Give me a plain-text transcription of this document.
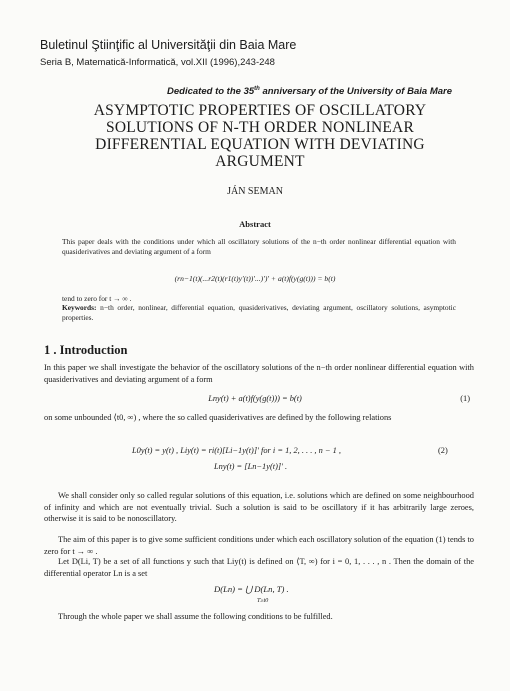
Buletinul Ştiinţific al Universităţii din Baia Mare
Seria B, Matematică-Informatică, vol.XII (1996),243-248
Dedicated to the 35th anniversary of the University of Baia Mare
ASYMPTOTIC PROPERTIES OF OSCILLATORY SOLUTIONS OF N-TH ORDER NONLINEAR DIFFERENTIAL EQUATION WITH DEVIATING ARGUMENT
JÁN SEMAN
Abstract
This paper deals with the conditions under which all oscillatory solutions of the n−th order nonlinear differential equation with quasiderivatives and deviating argument of a form
(rn−1(t)(...r2(t)(r1(t)y′(t))′...)′)′ + a(t)f(y(g(t))) = b(t)
tend to zero for t → ∞ .
Keywords: n−th order, nonlinear, differential equation, quasiderivatives, deviating argument, oscillatory solutions, asymptotic properties.
1 . Introduction
In this paper we shall investigate the behavior of the oscillatory solutions of the n−th order nonlinear differential equation with quasiderivatives and deviating argument of a form
Lny(t) + a(t)f(y(g(t))) = b(t)	(1)
on some unbounded ⟨t0, ∞) , where the so called quasiderivatives are defined by the following relations
L0y(t) = y(t) , Liy(t) = ri(t)[Li−1y(t)]′ for i = 1, 2, . . . , n − 1 ,
Lny(t) = [Ln−1y(t)]′ .
(2)
We shall consider only so called regular solutions of this equation, i.e. solutions which are defined on some neighbourhood of infinity and which are not eventually trivial. Such a solution is said to be oscillatory if it has arbitrarily large zeroes, otherwise it is said to be nonoscillatory.
The aim of this paper is to give some sufficient conditions under which each oscillatory solution of the equation (1) tends to zero for t → ∞ .
Let D(Li, T) be a set of all functions y such that Liy(t) is defined on ⟨T, ∞) for i = 0, 1, . . . , n . Then the domain of the differential operator Ln is a set
D(Ln) = ⋃ D(Ln, T) .
T≥t0
Through the whole paper we shall assume the following conditions to be fulfilled.
